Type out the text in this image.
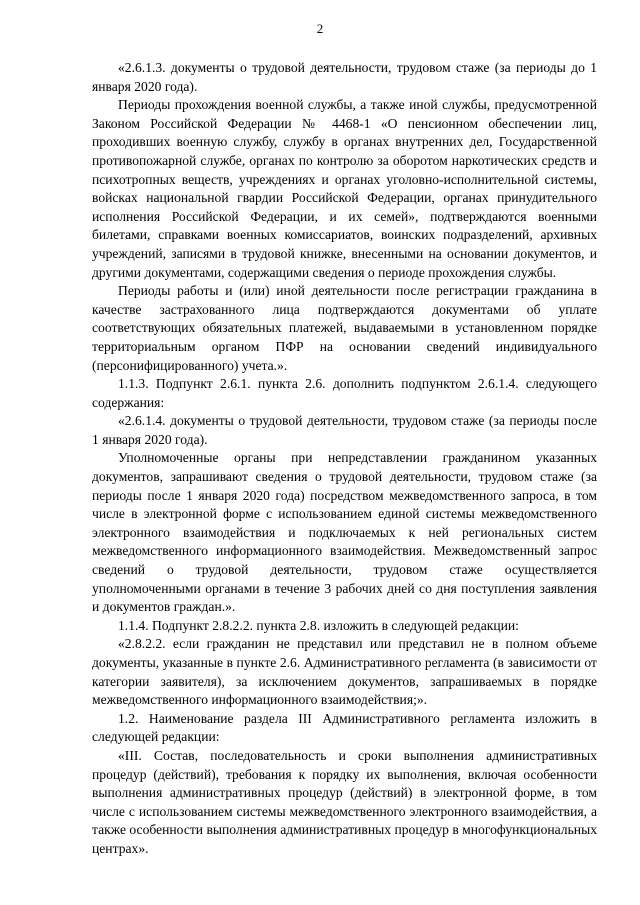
2

«2.6.1.3. документы о трудовой деятельности, трудовом стаже (за периоды до 1 января 2020 года).

Периоды прохождения военной службы, а также иной службы, предусмотренной Законом Российской Федерации № 4468-1 «О пенсионном обеспечении лиц, проходивших военную службу, службу в органах внутренних дел, Государственной противопожарной службе, органах по контролю за оборотом наркотических средств и психотропных веществ, учреждениях и органах уголовно-исполнительной системы, войсках национальной гвардии Российской Федерации, органах принудительного исполнения Российской Федерации, и их семей», подтверждаются военными билетами, справками военных комиссариатов, воинских подразделений, архивных учреждений, записями в трудовой книжке, внесенными на основании документов, и другими документами, содержащими сведения о периоде прохождения службы.

Периоды работы и (или) иной деятельности после регистрации гражданина в качестве застрахованного лица подтверждаются документами об уплате соответствующих обязательных платежей, выдаваемыми в установленном порядке территориальным органом ПФР на основании сведений индивидуального (персонифицированного) учета.».

1.1.3. Подпункт 2.6.1. пункта 2.6. дополнить подпунктом 2.6.1.4. следующего содержания:

«2.6.1.4. документы о трудовой деятельности, трудовом стаже (за периоды после 1 января 2020 года).

Уполномоченные органы при непредставлении гражданином указанных документов, запрашивают сведения о трудовой деятельности, трудовом стаже (за периоды после 1 января 2020 года) посредством межведомственного запроса, в том числе в электронной форме с использованием единой системы межведомственного электронного взаимодействия и подключаемых к ней региональных систем межведомственного информационного взаимодействия. Межведомственный запрос сведений о трудовой деятельности, трудовом стаже осуществляется уполномоченными органами в течение 3 рабочих дней со дня поступления заявления и документов граждан.».

1.1.4. Подпункт 2.8.2.2. пункта 2.8. изложить в следующей редакции:

«2.8.2.2. если гражданин не представил или представил не в полном объеме документы, указанные в пункте 2.6. Административного регламента (в зависимости от категории заявителя), за исключением документов, запрашиваемых в порядке межведомственного информационного взаимодействия;».

1.2. Наименование раздела III Административного регламента изложить в следующей редакции:

«III. Состав, последовательность и сроки выполнения административных процедур (действий), требования к порядку их выполнения, включая особенности выполнения административных процедур (действий) в электронной форме, в том числе с использованием системы межведомственного электронного взаимодействия, а также особенности выполнения административных процедур в многофункциональных центрах».
